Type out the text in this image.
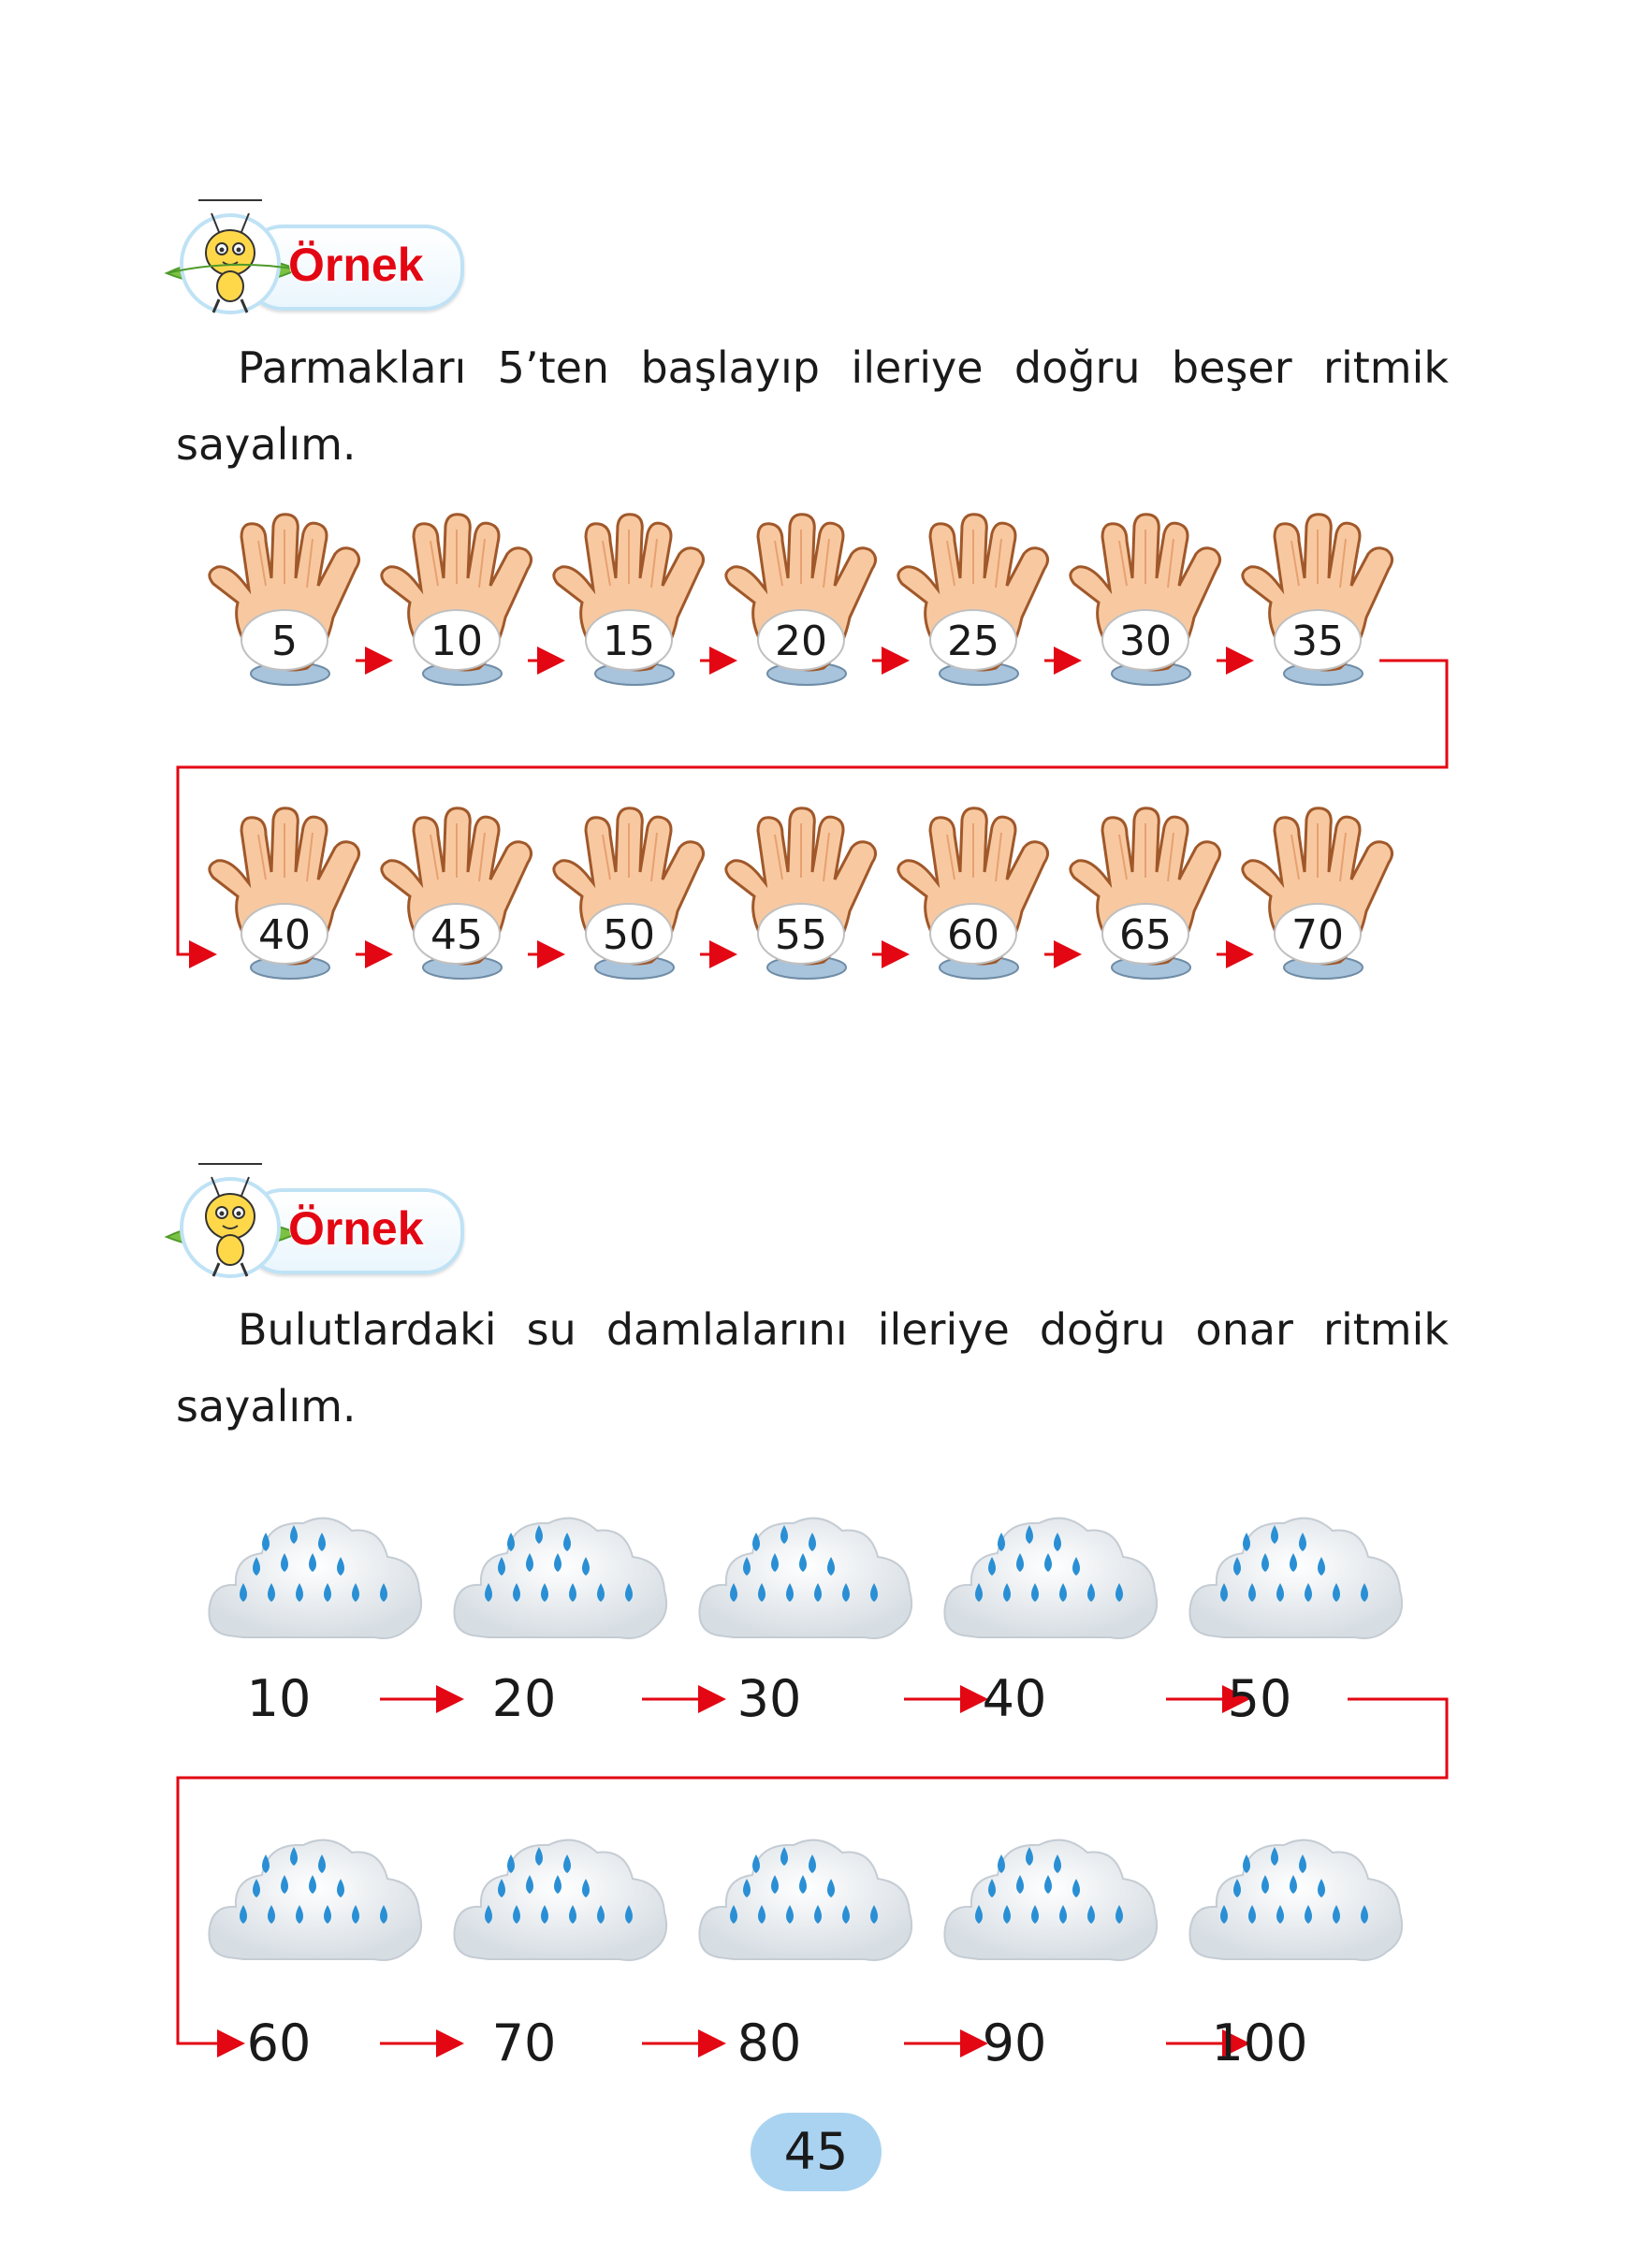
Örnek

Parmakları 5’ten başlayıp ileriye doğru beşer ritmik sayalım.

5	10	15	20	25	30	35
40	45	50	55	60	65	70
Örnek

Bulutlardaki su damlalarını ileriye doğru onar ritmik sayalım.

10	20	30	40	50
60	70	80	90	100
45
